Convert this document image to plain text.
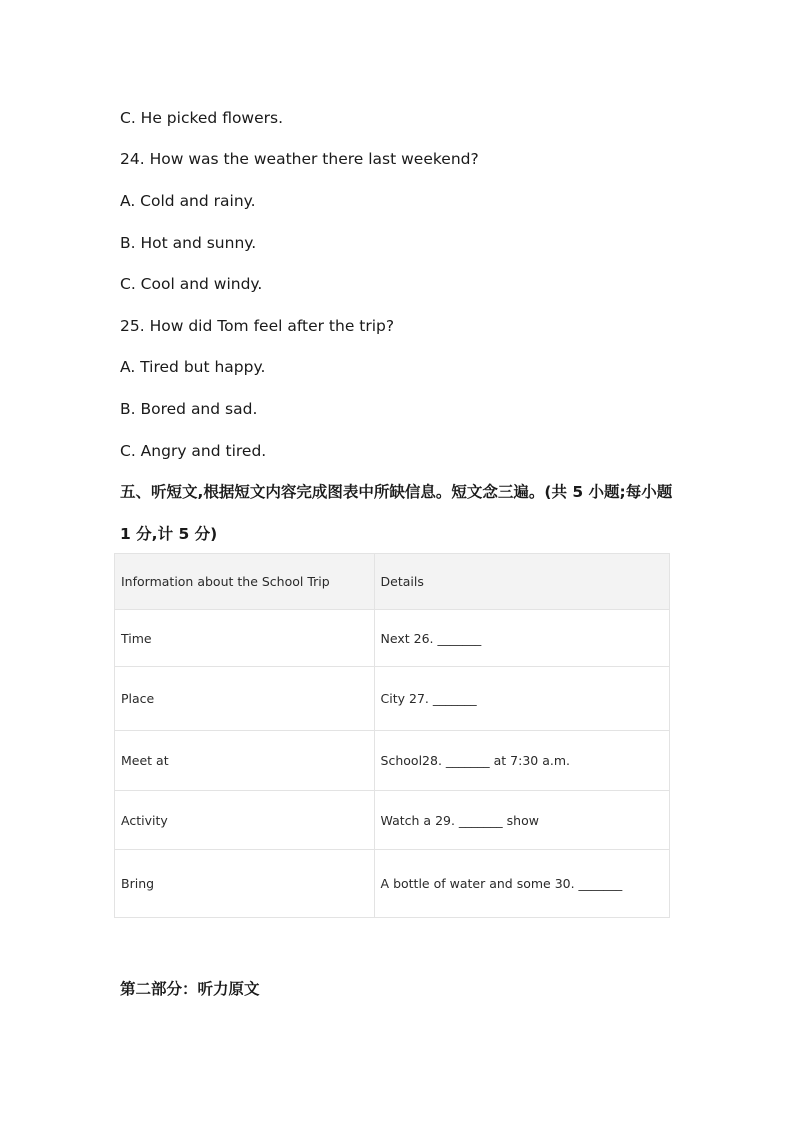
C. He picked flowers.
24. How was the weather there last weekend?
A. Cold and rainy.
B. Hot and sunny.
C. Cool and windy.
25. How did Tom feel after the trip?
A. Tired but happy.
B. Bored and sad.
C. Angry and tired.
五、听短文,根据短文内容完成图表中所缺信息。短文念三遍。(共 5 小题;每小题
1 分,计 5 分)
Information about the School Trip	Details
Time	Next 26. _______
Place	City 27. _______
Meet at	School28. _______ at 7:30 a.m.
Activity	Watch a 29. _______ show
Bring	A bottle of water and some 30. _______
第二部分：听力原文
